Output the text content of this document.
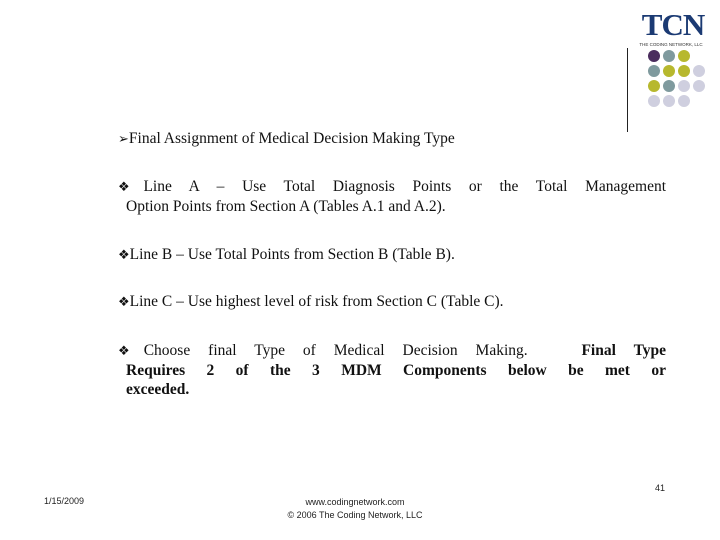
TCN
THE CODING NETWORK, LLC
➢Final Assignment of Medical Decision Making Type
❖Line A – Use Total Diagnosis Points or the Total Management
Option Points from Section A (Tables A.1 and A.2).
❖Line B – Use Total Points from Section B (Table B).
❖Line C – Use highest level of risk from Section C (Table C).
❖Choose final Type of Medical Decision Making.	Final Type
Requires 2 of the 3 MDM Components below be met or
exceeded.
1/15/2009	www.codingnetwork.com
© 2006 The Coding Network, LLC
41
